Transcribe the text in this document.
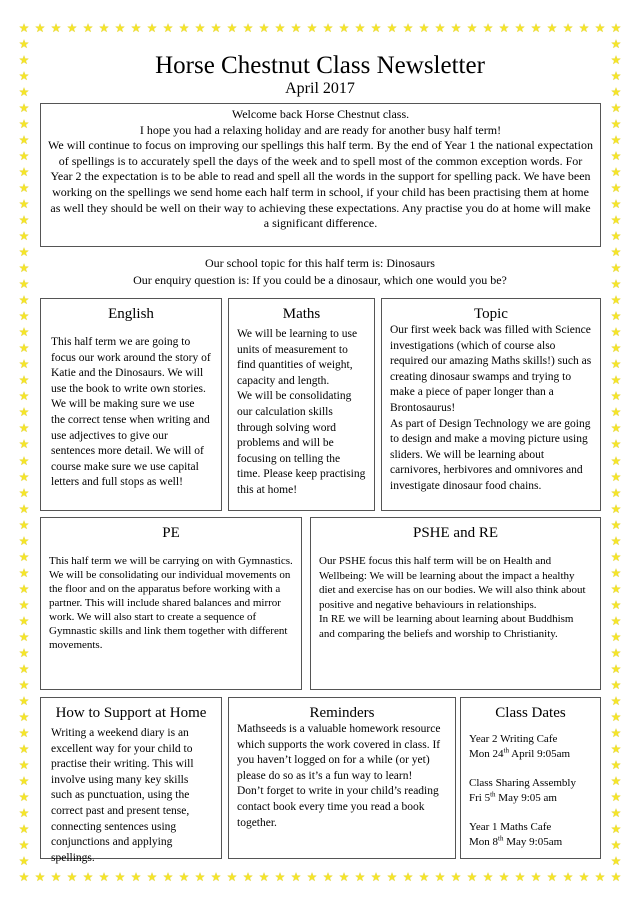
★
★
★
★
★
★
★
★
★
★
★
★
★
★
★
★
★
★
★
★
★
★
★
★
★
★
★
★
★
★
★
★
★
★
★
★
★
★
★
★
★
★
★
★
★
★
★
★
★
★
★
★
★
★
★
★
★
★
★
★
★
★
★
★
★
★
★
★
★
★
★
★
★
★
★
★
★	★
★	★
★	★
★	★
★	★
★	★
★	★
★	★
★	★
★	★
★	★
★	★
★	★
★	★
★	★
★	★
★	★
★	★
★	★
★	★
★	★
★	★
★	★
★	★
★	★
★	★
★	★
★	★
★	★
★	★
★	★
★	★
★	★
★	★
★	★
★	★
★	★
★	★
★	★
★	★
★	★
★	★
★	★
★	★
★	★
★	★
★	★
★	★
★	★
★	★
★	★
★	★
Horse Chestnut Class Newsletter
April 2017

Welcome back Horse Chestnut class.

I hope you had a relaxing holiday and are ready for another busy half term!

We will continue to focus on improving our spellings this half term. By the end of Year 1 the national expectation of spellings is to accurately spell the days of the week and to spell most of the common exception words. For Year 2 the expectation is to be able to read and spell all the words in the support for spelling pack. We have been working on the spellings we send home each half term in school, if your child has been practising them at home as well they should be well on their way to achieving these expectations. Any practise you do at home will make a significant difference.

Our school topic for this half term is: Dinosaurs
Our enquiry question is: If you could be a dinosaur, which one would you be?
English
This half term we are going to focus our work around the story of Katie and the Dinosaurs. We will use the book to write own stories. We will be making sure we use the correct tense when writing and use adjectives to give our sentences more detail. We will of course make sure we use capital letters and full stops as well!
Maths

We will be learning to use units of measurement to find quantities of weight, capacity and length.

We will be consolidating our calculation skills through solving word problems and will be focusing on telling the time. Please keep practising this at home!

Topic

Our first week back was filled with Science investigations (which of course also required our amazing Maths skills!) such as creating dinosaur swamps and trying to make a piece of paper longer than a Brontosaurus!

As part of Design Technology we are going to design and make a moving picture using sliders. We will be learning about carnivores, herbivores and omnivores and investigate dinosaur food chains.

PE
This half term we will be carrying on with Gymnastics. We will be consolidating our individual movements on the floor and on the apparatus before working with a partner. This will include shared balances and mirror work. We will also start to create a sequence of Gymnastic skills and link them together with different movements.
PSHE and RE

Our PSHE focus this half term will be on Health and Wellbeing: We will be learning about the impact a healthy diet and exercise has on our bodies. We will also think about positive and negative behaviours in relationships.

In RE we will be learning about learning about Buddhism and comparing the beliefs and worship to Christianity.

How to Support at Home
Writing a weekend diary is an excellent way for your child to practise their writing. This will involve using many key skills such as punctuation, using the correct past and present tense, connecting sentences using conjunctions and applying spellings.
Reminders

Mathseeds is a valuable homework resource which supports the work covered in class. If you haven’t logged on for a while (or yet) please do so as it’s a fun way to learn!

Don’t forget to write in your child’s reading contact book every time you read a book together.

Class Dates
Year 2 Writing Cafe
Mon 24th April 9:05am
Class Sharing Assembly
Fri 5th May 9:05 am
Year 1 Maths Cafe
Mon 8th May 9:05am
